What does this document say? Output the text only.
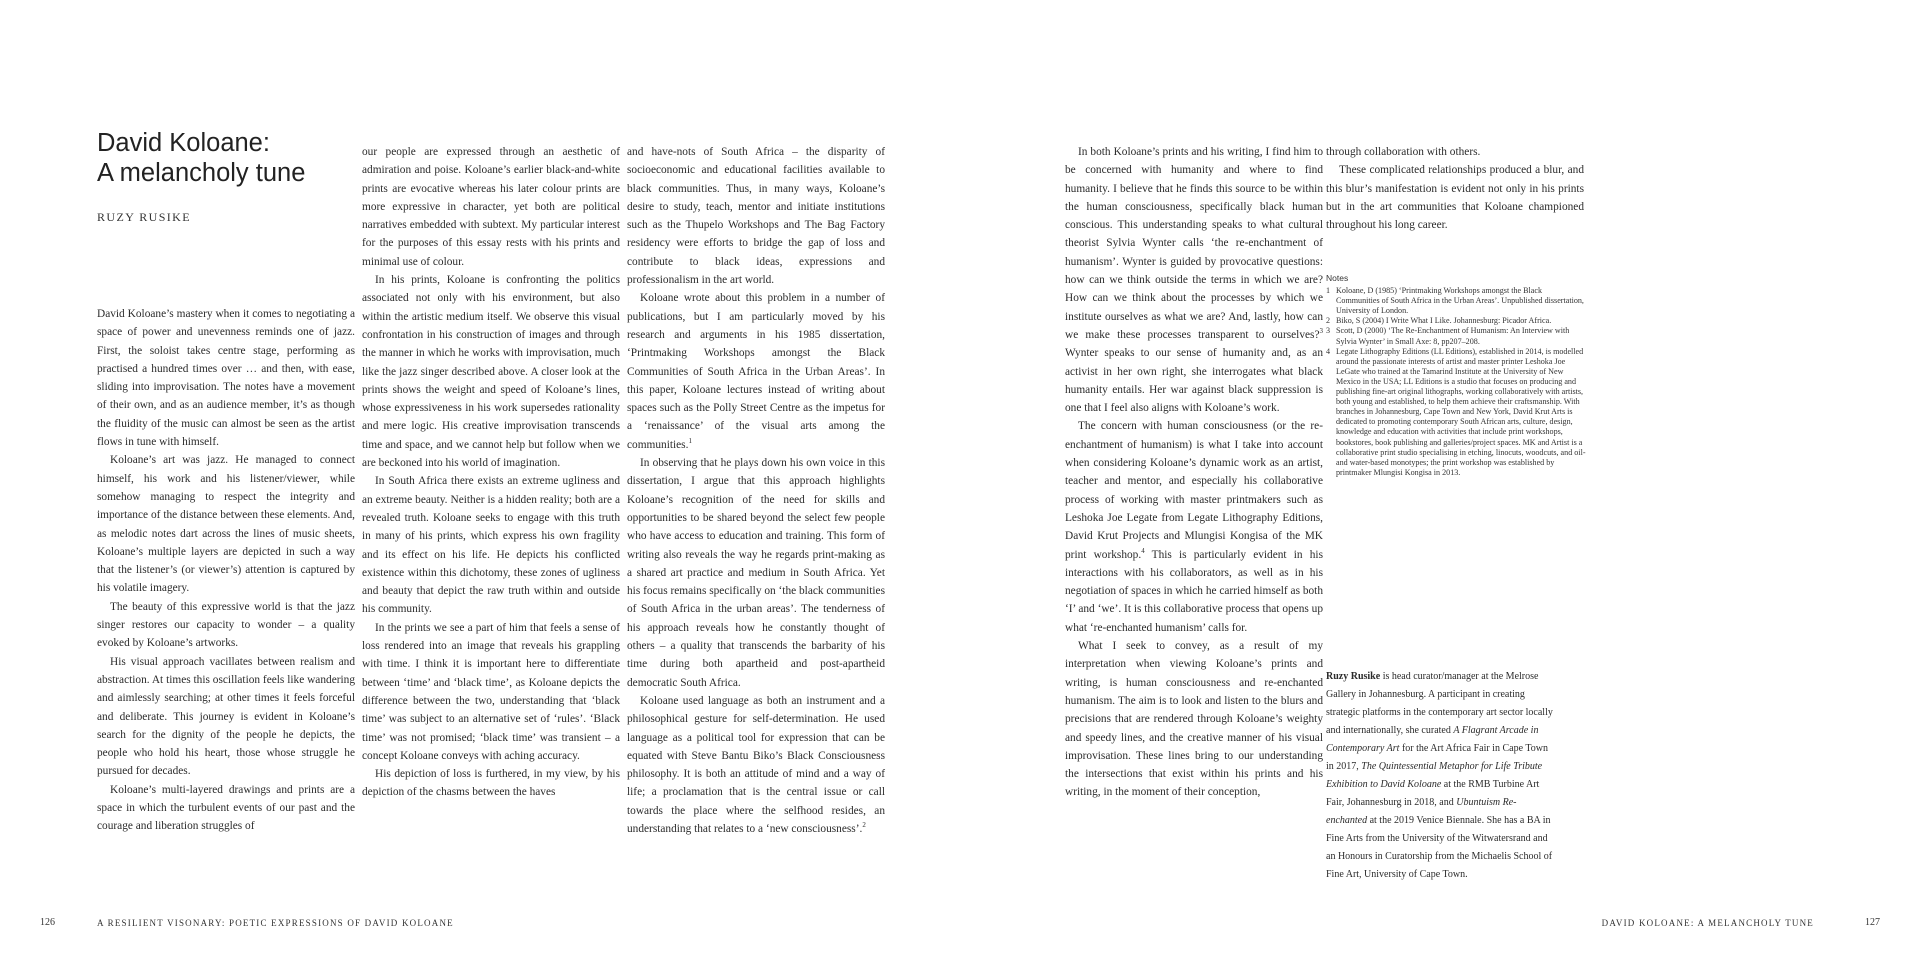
David Koloane:
A melancholy tune
RUZY RUSIKE

David Koloane’s mastery when it comes to negotiating a space of power and unevenness reminds one of jazz. First, the soloist takes centre stage, performing as practised a hundred times over … and then, with ease, sliding into improvisation. The notes have a movement of their own, and as an audience member, it’s as though the fluidity of the music can almost be seen as the artist flows in tune with himself.

Koloane’s art was jazz. He managed to connect himself, his work and his listener/viewer, while somehow managing to respect the integrity and importance of the distance between these elements. And, as melodic notes dart across the lines of music sheets, Koloane’s multiple layers are depicted in such a way that the listener’s (or viewer’s) attention is captured by his volatile imagery.

The beauty of this expressive world is that the jazz singer restores our capacity to wonder – a quality evoked by Koloane’s artworks.

His visual approach vacillates between realism and abstraction. At times this oscillation feels like wandering and aimlessly searching; at other times it feels forceful and deliberate. This journey is evident in Koloane’s search for the dignity of the people he depicts, the people who hold his heart, those whose struggle he pursued for decades.

Koloane’s multi-layered drawings and prints are a space in which the turbulent events of our past and the courage and liberation struggles of

our people are expressed through an aesthetic of admiration and poise. Koloane’s earlier black-and-white prints are evocative whereas his later colour prints are more expressive in character, yet both are political narratives embedded with subtext. My particular interest for the purposes of this essay rests with his prints and minimal use of colour.

In his prints, Koloane is confronting the politics associated not only with his environment, but also within the artistic medium itself. We observe this visual confrontation in his construction of images and through the manner in which he works with improvisation, much like the jazz singer described above. A closer look at the prints shows the weight and speed of Koloane’s lines, whose expressiveness in his work supersedes rationality and mere logic. His creative improvisation transcends time and space, and we cannot help but follow when we are beckoned into his world of imagination.

In South Africa there exists an extreme ugliness and an extreme beauty. Neither is a hidden reality; both are a revealed truth. Koloane seeks to engage with this truth in many of his prints, which express his own fragility and its effect on his life. He depicts his conflicted existence within this dichotomy, these zones of ugliness and beauty that depict the raw truth within and outside his community.

In the prints we see a part of him that feels a sense of loss rendered into an image that reveals his grappling with time. I think it is important here to differentiate between ‘time’ and ‘black time’, as Koloane depicts the difference between the two, understanding that ‘black time’ was subject to an alternative set of ‘rules’. ‘Black time’ was not promised; ‘black time’ was transient – a concept Koloane conveys with aching accuracy.

His depiction of loss is furthered, in my view, by his depiction of the chasms between the haves

and have-nots of South Africa – the disparity of socioeconomic and educational facilities available to black communities. Thus, in many ways, Koloane’s desire to study, teach, mentor and initiate institutions such as the Thupelo Workshops and The Bag Factory residency were efforts to bridge the gap of loss and contribute to black ideas, expressions and professionalism in the art world.

Koloane wrote about this problem in a number of publications, but I am particularly moved by his research and arguments in his 1985 dissertation, ‘Printmaking Workshops amongst the Black Communities of South Africa in the Urban Areas’. In this paper, Koloane lectures instead of writing about spaces such as the Polly Street Centre as the impetus for a ‘renaissance’ of the visual arts among the communities.$^1$

In observing that he plays down his own voice in this dissertation, I argue that this approach highlights Koloane’s recognition of the need for skills and opportunities to be shared beyond the select few people who have access to education and training. This form of writing also reveals the way he regards print-making as a shared art practice and medium in South Africa. Yet his focus remains specifically on ‘the black communities of South Africa in the urban areas’. The tenderness of his approach reveals how he constantly thought of others – a quality that transcends the barbarity of his time during both apartheid and post-apartheid democratic South Africa.

Koloane used language as both an instrument and a philosophical gesture for self-determination. He used language as a political tool for expression that can be equated with Steve Bantu Biko’s Black Consciousness philosophy. It is both an attitude of mind and a way of life; a proclamation that is the central issue or call towards the place where the selfhood resides, an understanding that relates to a ‘new consciousness’.$^2$

126	A RESILIENT VISONARY: POETIC EXPRESSIONS OF DAVID KOLOANE

In both Koloane’s prints and his writing, I find him to be concerned with humanity and where to find humanity. I believe that he finds this source to be within the human consciousness, specifically black human conscious. This understanding speaks to what cultural theorist Sylvia Wynter calls ‘the re-enchantment of humanism’. Wynter is guided by provocative questions: how can we think outside the terms in which we are? How can we think about the processes by which we institute ourselves as what we are? And, lastly, how can we make these processes transparent to ourselves?$^3$ Wynter speaks to our sense of humanity and, as an activist in her own right, she interrogates what black humanity entails. Her war against black suppression is one that I feel also aligns with Koloane’s work.

The concern with human consciousness (or the re-enchantment of humanism) is what I take into account when considering Koloane’s dynamic work as an artist, teacher and mentor, and especially his collaborative process of working with master printmakers such as Leshoka Joe Legate from Legate Lithography Editions, David Krut Projects and Mlungisi Kongisa of the MK print workshop.$^4$ This is particularly evident in his interactions with his collaborators, as well as in his negotiation of spaces in which he carried himself as both ‘I’ and ‘we’. It is this collaborative process that opens up what ‘re-enchanted humanism’ calls for.

What I seek to convey, as a result of my interpretation when viewing Koloane’s prints and writing, is human consciousness and re-enchanted humanism. The aim is to look and listen to the blurs and precisions that are rendered through Koloane’s weighty and speedy lines, and the creative manner of his visual improvisation. These lines bring to our understanding the intersections that exist within his prints and his writing, in the moment of their conception,

through collaboration with others.

These complicated relationships produced a blur, and this blur’s manifestation is evident not only in his prints but in the art communities that Koloane championed throughout his long career.

Notes
1 Koloane, D (1985) ‘Printmaking Workshops amongst the Black Communities of South Africa in the Urban Areas’. Unpublished dissertation, University of London.
2 Biko, S (2004) I Write What I Like. Johannesburg: Picador Africa.
3 Scott, D (2000) ‘The Re-Enchantment of Humanism: An Interview with Sylvia Wynter’ in Small Axe: 8, pp207–208.
4 Legate Lithography Editions (LL Editions), established in 2014, is modelled around the passionate interests of artist and master printer Leshoka Joe LeGate who trained at the Tamarind Institute at the University of New Mexico in the USA; LL Editions is a studio that focuses on producing and publishing fine-art original lithographs, working collaboratively with artists, both young and established, to help them achieve their craftsmanship. With branches in Johannesburg, Cape Town and New York, David Krut Arts is dedicated to promoting contemporary South African arts, culture, design, knowledge and education with activities that include print workshops, bookstores, book publishing and galleries/project spaces. MK and Artist is a collaborative print studio specialising in etching, linocuts, woodcuts, and oil- and water-based monotypes; the print workshop was established by printmaker Mlungisi Kongisa in 2013.
Ruzy Rusike is head curator/manager at the Melrose Gallery in Johannesburg. A participant in creating strategic platforms in the contemporary art sector locally and internationally, she curated A Flagrant Arcade in Contemporary Art for the Art Africa Fair in Cape Town in 2017, The Quintessential Metaphor for Life Tribute Exhibition to David Koloane at the RMB Turbine Art Fair, Johannesburg in 2018, and Ubuntuism Re-enchanted at the 2019 Venice Biennale. She has a BA in Fine Arts from the University of the Witwatersrand and an Honours in Curatorship from the Michaelis School of Fine Art, University of Cape Town.
DAVID KOLOANE: A MELANCHOLY TUNE	127
